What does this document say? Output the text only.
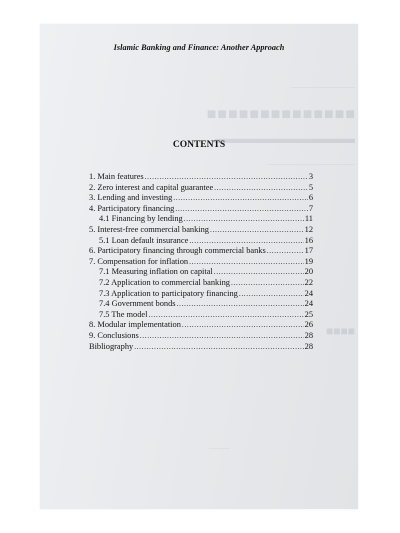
––––––––––––––––
■■■■■■■■■■■■■■
▬▬▬▬▬▬▬▬▬▬
–––––––––––––––––––––––––
■■■■
––––––
Islamic Banking and Finance: Another Approach
CONTENTS
1. Main features .....	3
2. Zero interest and capital guarantee .....	5
3. Lending and investing .....	6
4. Participatory financing .....	7
4.1 Financing by lending .....	11
5. Interest-free commercial banking .....	12
5.1 Loan default insurance .....	16
6. Participatory financing through commercial banks .....	17
7. Compensation for inflation .....	19
7.1 Measuring inflation on capital .....	20
7.2 Application to commercial banking .....	22
7.3 Application to participatory financing .....	24
7.4 Government bonds .....	24
7.5 The model .....	25
8. Modular implementation .....	26
9. Conclusions .....	28
Bibliography .....	28
